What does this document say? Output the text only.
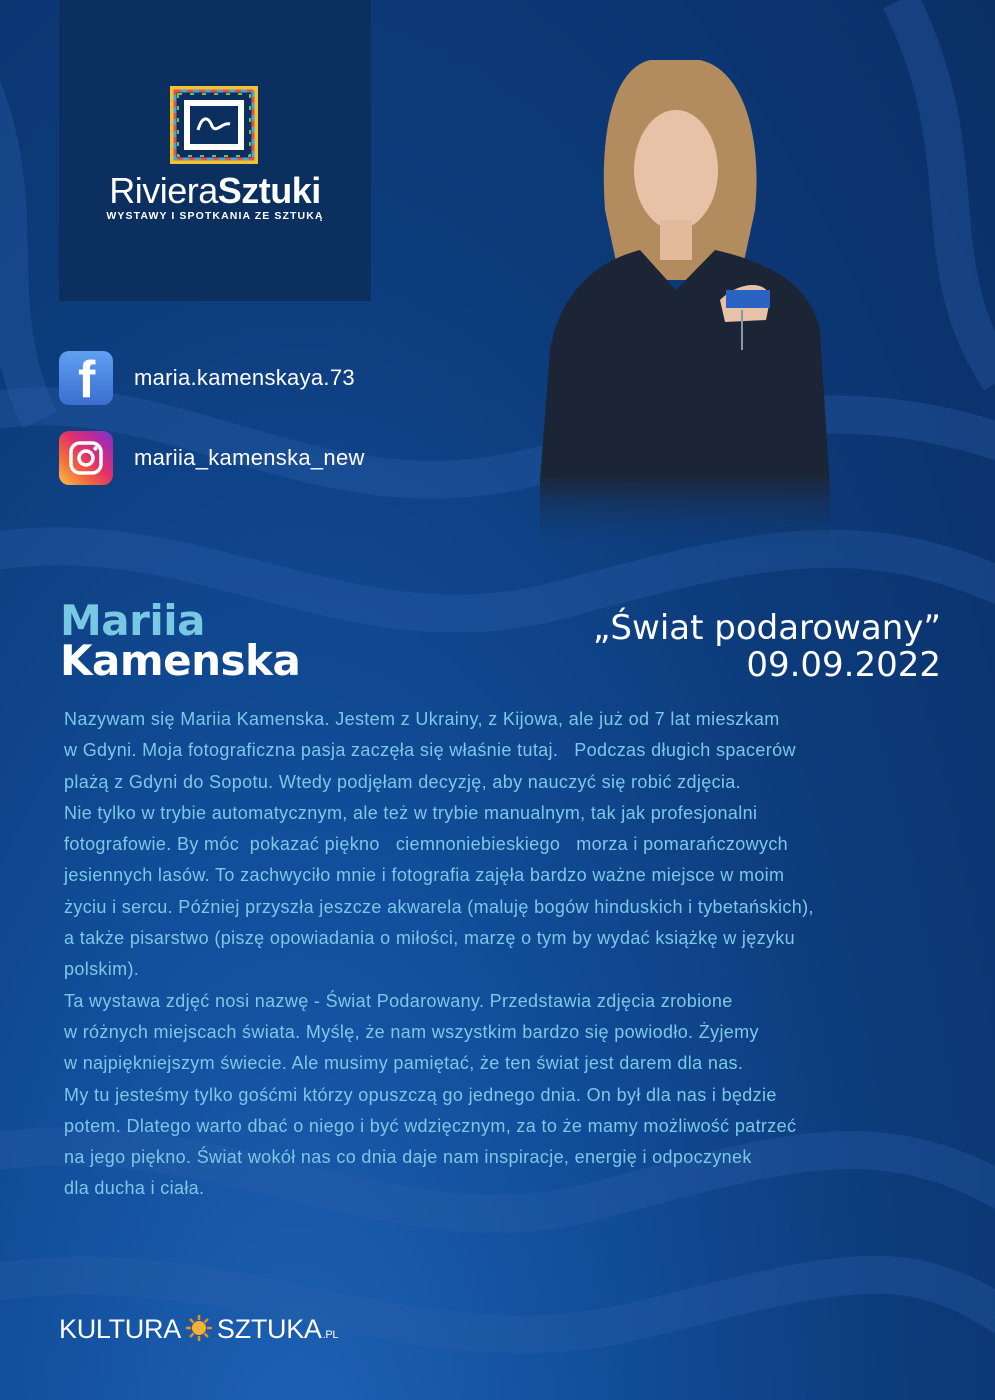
RivieraSztuki
WYSTAWY I SPOTKANIA ZE SZTUKĄ
f maria.kamenskaya.73
mariia_kamenska_new
Mariia
Kamenska
„Świat podarowany”
09.09.2022

Nazywam się Mariia Kamenska. Jestem z Ukrainy, z Kijowa, ale już od 7 lat mieszkam

w Gdyni. Moja fotograficzna pasja zaczęła się właśnie tutaj.   Podczas długich spacerów

plażą z Gdyni do Sopotu. Wtedy podjęłam decyzję, aby nauczyć się robić zdjęcia.

Nie tylko w trybie automatycznym, ale też w trybie manualnym, tak jak profesjonalni

fotografowie. By móc  pokazać piękno   ciemnoniebieskiego   morza i pomarańczowych

jesiennych lasów. To zachwyciło mnie i fotografia zajęła bardzo ważne miejsce w moim

życiu i sercu. Później przyszła jeszcze akwarela (maluję bogów hinduskich i tybetańskich),

a także pisarstwo (piszę opowiadania o miłości, marzę o tym by wydać książkę w języku

polskim).

Ta wystawa zdjęć nosi nazwę - Świat Podarowany. Przedstawia zdjęcia zrobione

w różnych miejscach świata. Myślę, że nam wszystkim bardzo się powiodło. Żyjemy

w najpiękniejszym świecie. Ale musimy pamiętać, że ten świat jest darem dla nas.

My tu jesteśmy tylko gośćmi którzy opuszczą go jednego dnia. On był dla nas i będzie

potem. Dlatego warto dbać o niego i być wdzięcznym, za to że mamy możliwość patrzeć

na jego piękno. Świat wokół nas co dnia daje nam inspiracje, energię i odpoczynek

dla ducha i ciała.

KULTURA SZTUKA .PL
